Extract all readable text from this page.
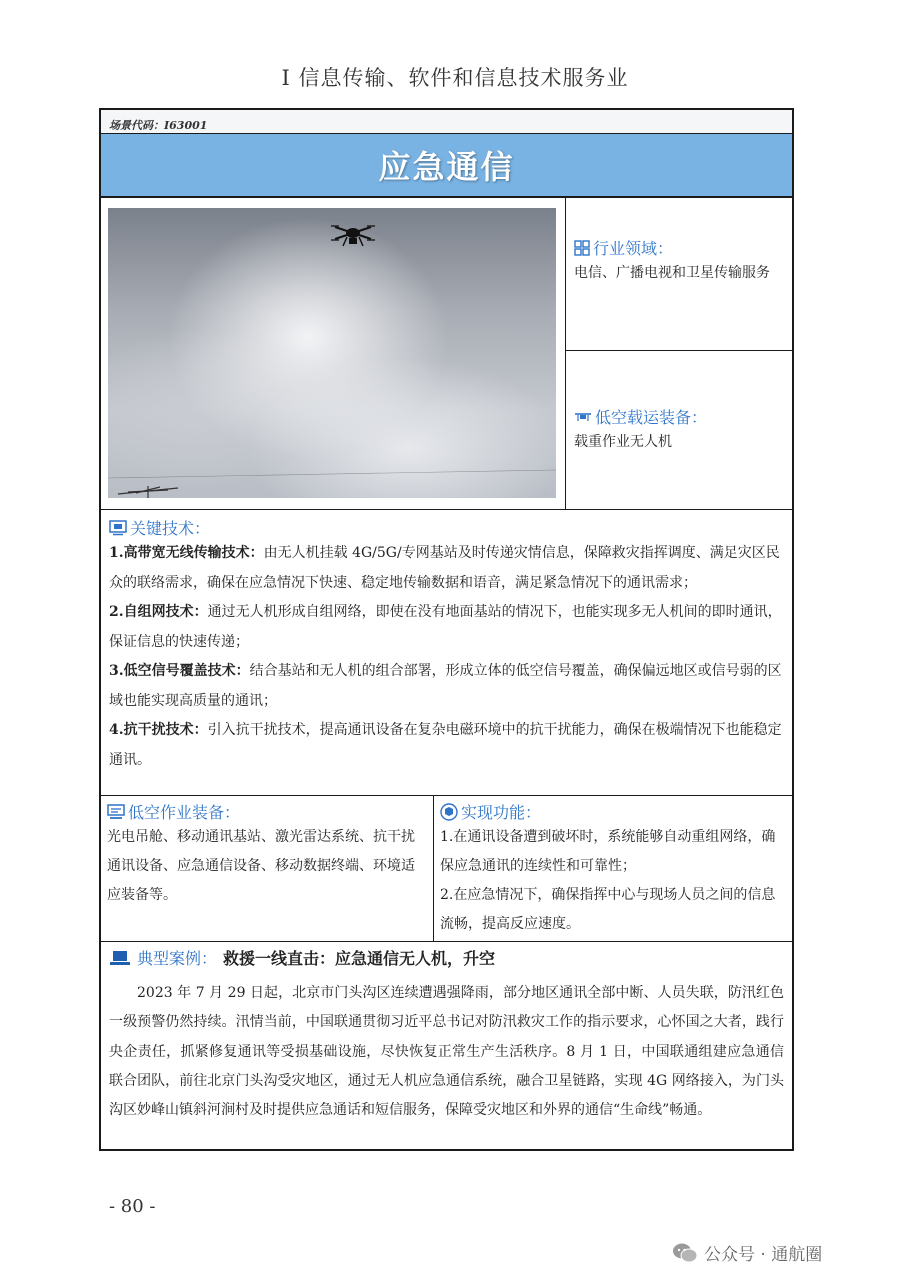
I 信息传输、软件和信息技术服务业
场景代码：I63001
应急通信
行业领域：
电信、广播电视和卫星传输服务
低空载运装备：
载重作业无人机
关键技术：
1.高带宽无线传输技术：由无人机挂载 4G/5G/专网基站及时传递灾情信息，保障救灾指挥调度、满足灾区民众的联络需求，确保在应急情况下快速、稳定地传输数据和语音，满足紧急情况下的通讯需求；
2.自组网技术：通过无人机形成自组网络，即使在没有地面基站的情况下，也能实现多无人机间的即时通讯，保证信息的快速传递；
3.低空信号覆盖技术：结合基站和无人机的组合部署，形成立体的低空信号覆盖，确保偏远地区或信号弱的区域也能实现高质量的通讯；
4.抗干扰技术：引入抗干扰技术，提高通讯设备在复杂电磁环境中的抗干扰能力，确保在极端情况下也能稳定通讯。
低空作业装备：
光电吊舱、移动通讯基站、激光雷达系统、抗干扰通讯设备、应急通信设备、移动数据终端、环境适应装备等。
实现功能：
1.在通讯设备遭到破坏时，系统能够自动重组网络，确保应急通讯的连续性和可靠性；
2.在应急情况下，确保指挥中心与现场人员之间的信息流畅，提高反应速度。
典型案例： 救援一线直击：应急通信无人机，升空
2023 年 7 月 29 日起，北京市门头沟区连续遭遇强降雨，部分地区通讯全部中断、人员失联，防汛红色一级预警仍然持续。汛情当前，中国联通贯彻习近平总书记对防汛救灾工作的指示要求，心怀国之大者，践行央企责任，抓紧修复通讯等受损基础设施，尽快恢复正常生产生活秩序。8 月 1 日，中国联通组建应急通信联合团队，前往北京门头沟受灾地区，通过无人机应急通信系统，融合卫星链路，实现 4G 网络接入，为门头沟区妙峰山镇斜河涧村及时提供应急通话和短信服务，保障受灾地区和外界的通信“生命线”畅通。
- 80 -
公众号 · 通航圈
